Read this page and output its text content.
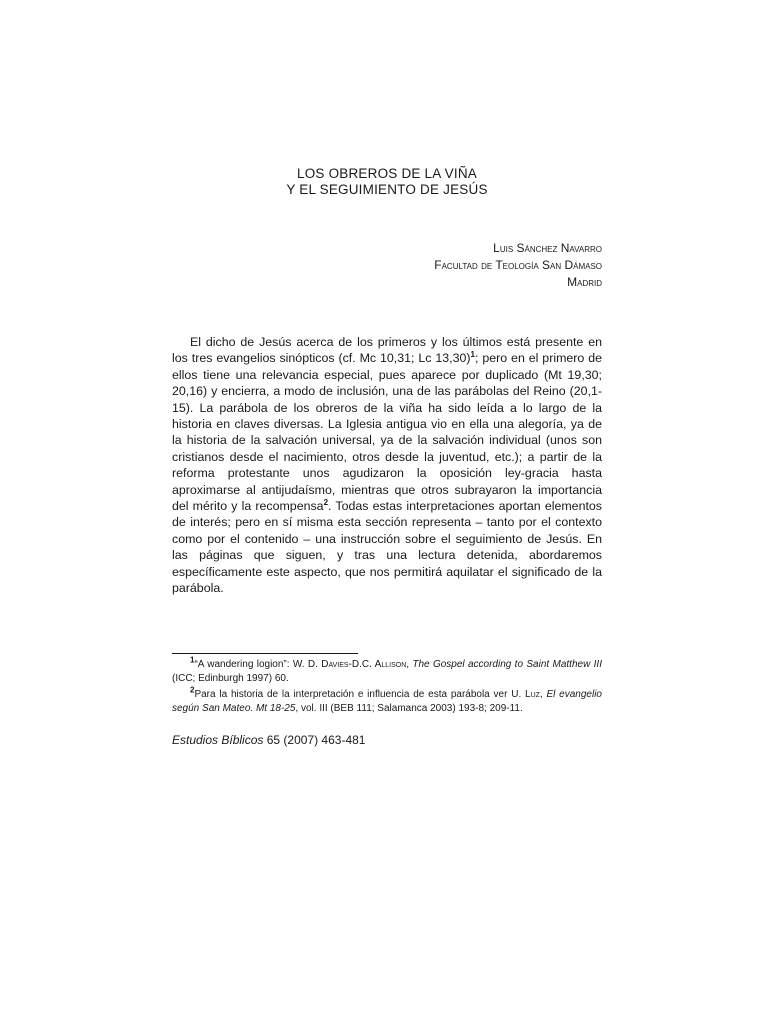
LOS OBREROS DE LA VIÑA
Y EL SEGUIMIENTO DE JESÚS
Luis Sánchez Navarro
Facultad de Teología San Dámaso
Madrid

El dicho de Jesús acerca de los primeros y los últimos está presente en los tres evangelios sinópticos (cf. Mc 10,31; Lc 13,30)$^1$; pero en el primero de ellos tiene una relevancia especial, pues aparece por duplicado (Mt 19,30; 20,16) y encierra, a modo de inclusión, una de las parábolas del Reino (20,1-15). La parábola de los obreros de la viña ha sido leída a lo largo de la historia en claves diversas. La Iglesia antigua vio en ella una alegoría, ya de la historia de la salvación universal, ya de la salvación individual (unos son cristianos desde el nacimiento, otros desde la juventud, etc.); a partir de la reforma protestante unos agudizaron la oposición ley-gracia hasta aproximarse al antijudaísmo, mientras que otros subrayaron la importancia del mérito y la recompensa$^2$. Todas estas interpretaciones aportan elementos de interés; pero en sí misma esta sección representa – tanto por el contexto como por el contenido – una instrucción sobre el seguimiento de Jesús. En las páginas que siguen, y tras una lectura detenida, abordaremos específicamente este aspecto, que nos permitirá aquilatar el significado de la parábola.

$^1$“A wandering logion”: W. D. Davies-D.C. Allison, The Gospel according to Saint Matthew III (ICC; Edinburgh 1997) 60.

$^2$Para la historia de la interpretación e influencia de esta parábola ver U. Luz, El evangelio según San Mateo. Mt 18-25, vol. III (BEB 111; Salamanca 2003) 193-8; 209-11.

Estudios Bíblicos 65 (2007) 463-481
